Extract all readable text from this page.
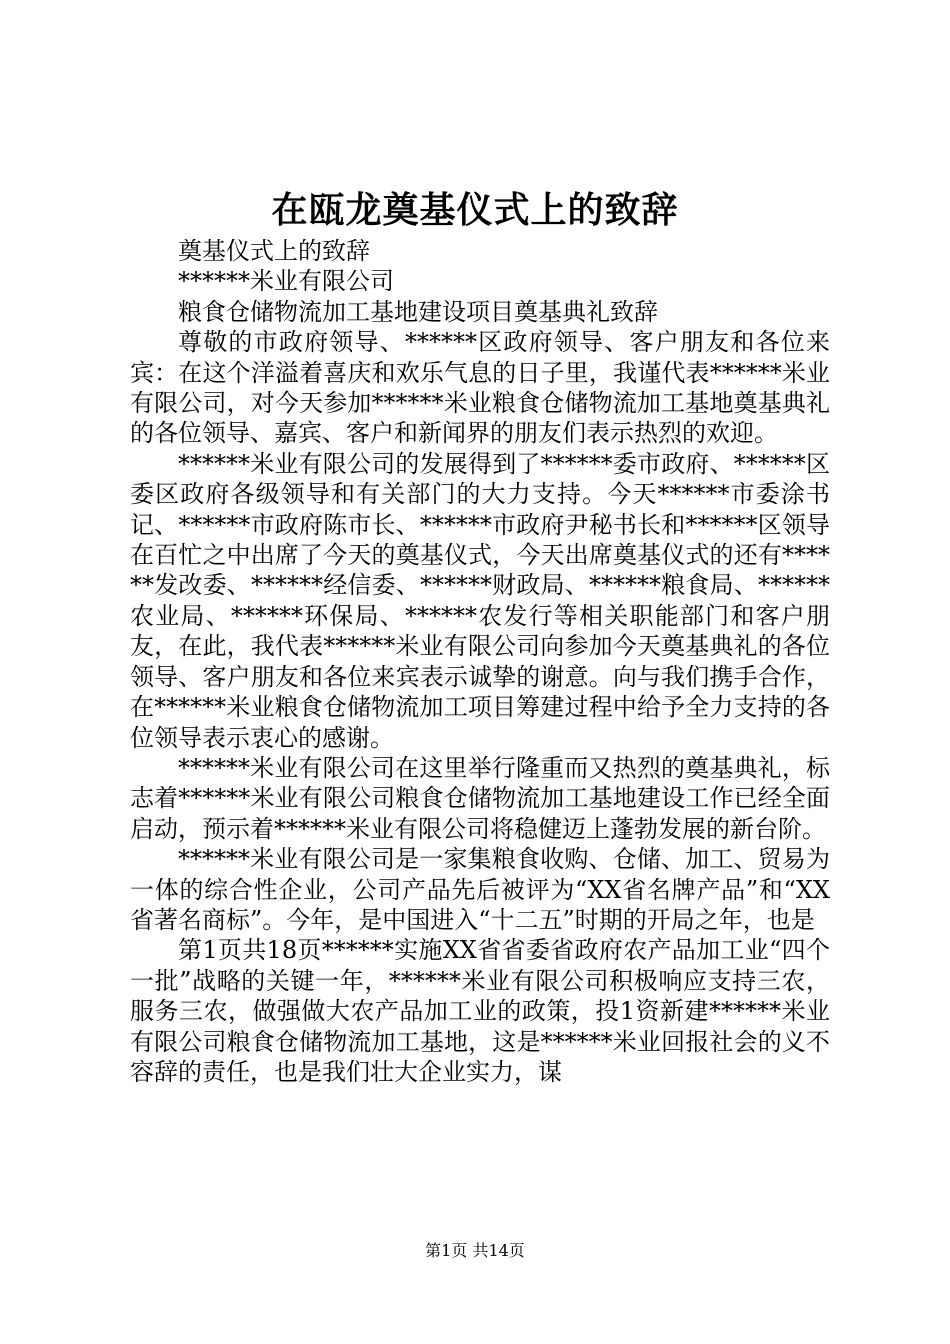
在瓯龙奠基仪式上的致辞

奠基仪式上的致辞

******米业有限公司

粮食仓储物流加工基地建设项目奠基典礼致辞

尊敬的市政府领导、******区政府领导、客户朋友和各位来宾：在这个洋溢着喜庆和欢乐气息的日子里，我谨代表******米业有限公司，对今天参加******米业粮食仓储物流加工基地奠基典礼的各位领导、嘉宾、客户和新闻界的朋友们表示热烈的欢迎。

******米业有限公司的发展得到了******委市政府、******区委区政府各级领导和有关部门的大力支持。今天******市委涂书记、******市政府陈市长、******市政府尹秘书长和******区领导在百忙之中出席了今天的奠基仪式，今天出席奠基仪式的还有******发改委、******经信委、******财政局、******粮食局、******农业局、******环保局、******农发行等相关职能部门和客户朋友，在此，我代表******米业有限公司向参加今天奠基典礼的各位领导、客户朋友和各位来宾表示诚挚的谢意。向与我们携手合作，在******米业粮食仓储物流加工项目筹建过程中给予全力支持的各位领导表示衷心的感谢。

******米业有限公司在这里举行隆重而又热烈的奠基典礼，标志着******米业有限公司粮食仓储物流加工基地建设工作已经全面启动，预示着******米业有限公司将稳健迈上蓬勃发展的新台阶。

******米业有限公司是一家集粮食收购、仓储、加工、贸易为一体的综合性企业，公司产品先后被评为“XX省名牌产品”和“XX省著名商标”。今年，是中国进入“十二五”时期的开局之年，也是

第1页共18页******实施XX省省委省政府农产品加工业“四个一批”战略的关键一年，******米业有限公司积极响应支持三农，服务三农，做强做大农产品加工业的政策，投1资新建******米业有限公司粮食仓储物流加工基地，这是******米业回报社会的义不容辞的责任，也是我们壮大企业实力，谋

第1页 共14页
